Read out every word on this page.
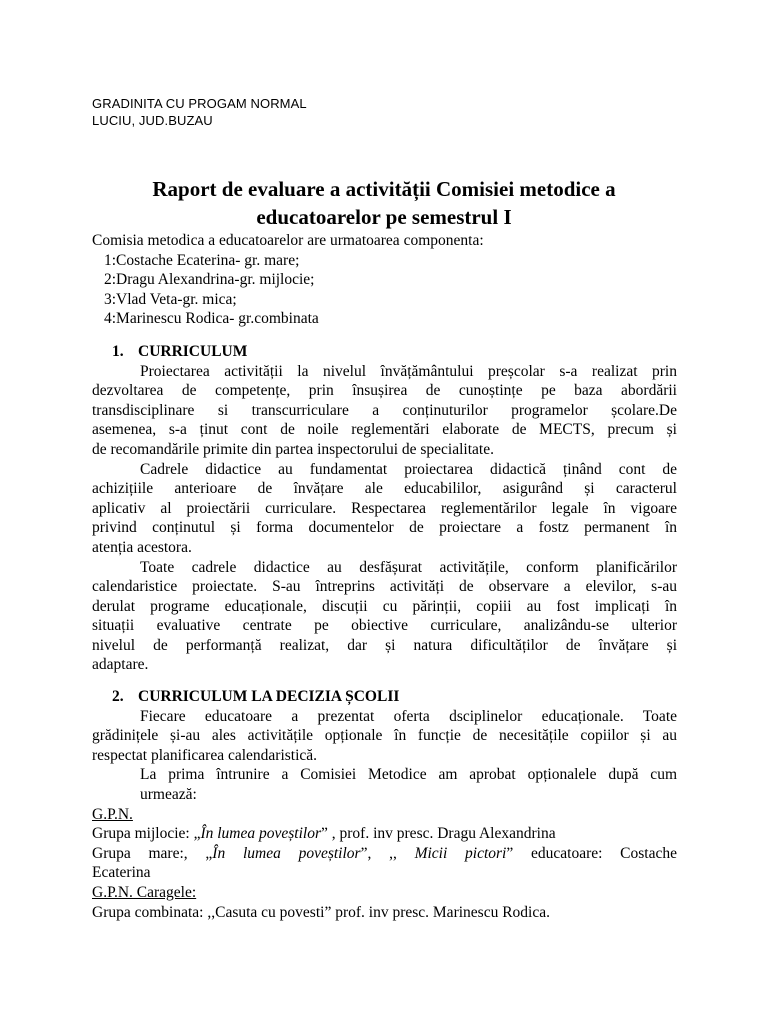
GRADINITA CU PROGAM NORMAL
LUCIU, JUD.BUZAU
Raport de evaluare a activității Comisiei metodice a
educatoarelor pe semestrul I
Comisia metodica a educatoarelor are urmatoarea componenta:
1:Costache Ecaterina- gr. mare;
2:Dragu Alexandrina-gr. mijlocie;
3:Vlad Veta-gr. mica;
4:Marinescu Rodica- gr.combinata
1. CURRICULUM
Proiectarea activității la nivelul învățământului preșcolar s-a realizat prin
dezvoltarea de competențe, prin însușirea de cunoștințe pe baza abordării
transdisciplinare si transcurriculare a conținuturilor programelor școlare.De
asemenea, s-a ținut cont de noile reglementări elaborate de MECTS, precum și
de recomandările primite din partea inspectorului de specialitate.
Cadrele didactice au fundamentat proiectarea didactică ținând cont de
achizițiile anterioare de învățare ale educabililor, asigurând și caracterul
aplicativ al proiectării curriculare. Respectarea reglementărilor legale în vigoare
privind conținutul și forma documentelor de proiectare a fostz permanent în
atenția acestora.
Toate cadrele didactice au desfășurat activitățile, conform planificărilor
calendaristice proiectate. S-au întreprins activități de observare a elevilor, s-au
derulat programe educaționale, discuții cu părinții, copiii au fost implicați în
situații evaluative centrate pe obiective curriculare, analizându-se ulterior
nivelul de performanță realizat, dar și natura dificultăților de învățare și
adaptare.
2. CURRICULUM LA DECIZIA ȘCOLII
Fiecare educatoare a prezentat oferta dsciplinelor educaționale. Toate
grădinițele și-au ales activitățile opționale în funcție de necesitățile copiilor și au
respectat planificarea calendaristică.
La prima întrunire a Comisiei Metodice am aprobat opționalele după cum
urmează:
G.P.N.
Grupa mijlocie: „În lumea poveștilor” , prof. inv presc. Dragu Alexandrina
Grupa mare:, „În lumea poveștilor”, ,, Micii pictori” educatoare: Costache
Ecaterina
G.P.N. Caragele:
Grupa combinata: ,,Casuta cu povesti” prof. inv presc. Marinescu Rodica.
